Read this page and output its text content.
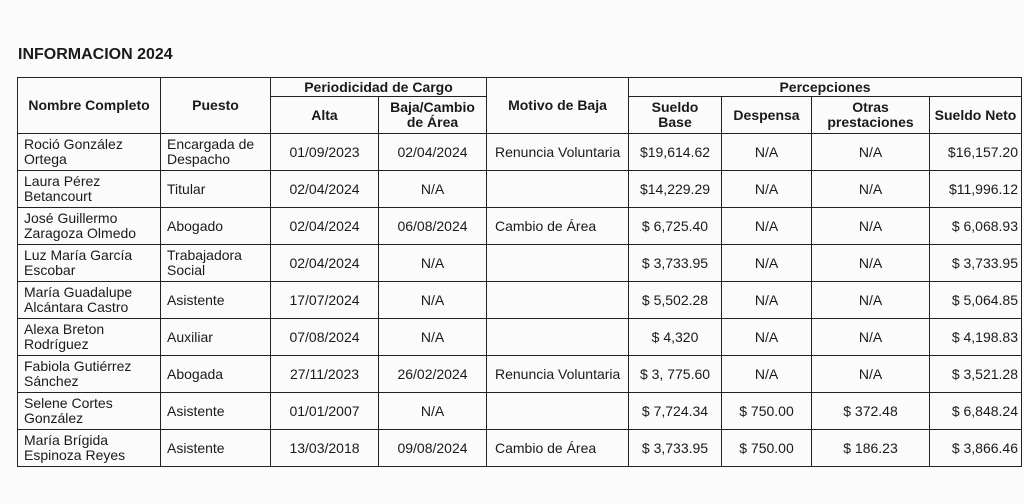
INFORMACION 2024
Nombre Completo	Puesto	Periodicidad de Cargo		Motivo de Baja	Percepciones			
		Alta	Baja/Cambio de Área		Sueldo Base	Despensa	Otras prestaciones	Sueldo Neto
Roció González Ortega	Encargada de Despacho	01/09/2023	02/04/2024	Renuncia Voluntaria	$19,614.62	N/A	N/A	$16,157.20
Laura Pérez Betancourt	Titular	02/04/2024	N/A		$14,229.29	N/A	N/A	$11,996.12
José Guillermo Zaragoza Olmedo	Abogado	02/04/2024	06/08/2024	Cambio de Área	$ 6,725.40	N/A	N/A	$ 6,068.93
Luz María García Escobar	Trabajadora Social	02/04/2024	N/A		$ 3,733.95	N/A	N/A	$ 3,733.95
María Guadalupe Alcántara Castro	Asistente	17/07/2024	N/A		$ 5,502.28	N/A	N/A	$ 5,064.85
Alexa Breton Rodríguez	Auxiliar	07/08/2024	N/A		$ 4,320	N/A	N/A	$ 4,198.83
Fabiola Gutiérrez Sánchez	Abogada	27/11/2023	26/02/2024	Renuncia Voluntaria	$ 3, 775.60	N/A	N/A	$ 3,521.28
Selene Cortes González	Asistente	01/01/2007	N/A		$ 7,724.34	$ 750.00	$ 372.48	$ 6,848.24
María Brígida Espinoza Reyes	Asistente	13/03/2018	09/08/2024	Cambio de Área	$ 3,733.95	$ 750.00	$ 186.23	$ 3,866.46
